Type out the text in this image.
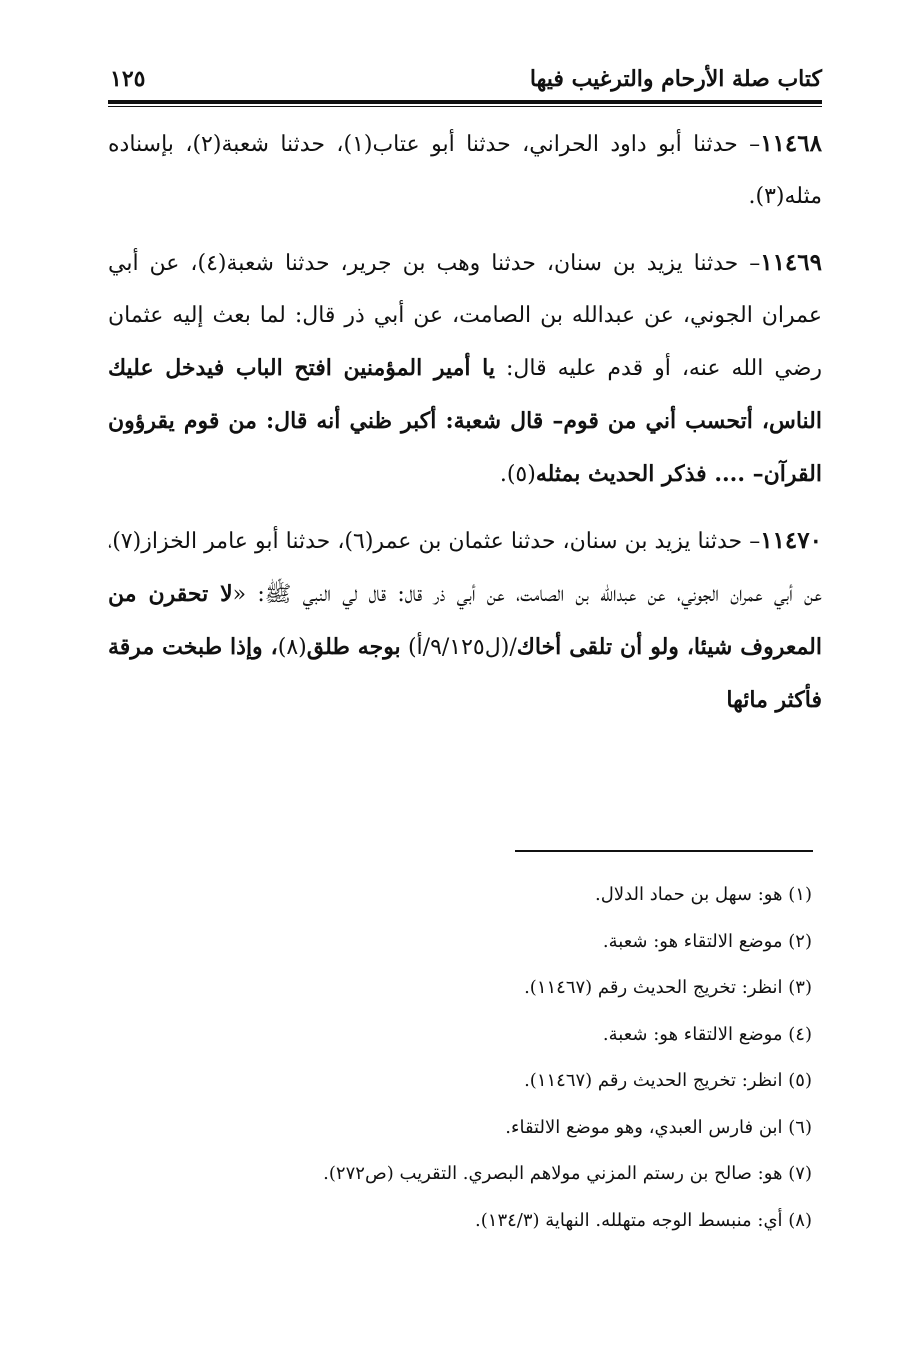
كتاب صلة الأرحام والترغيب فيها
١٢٥

١١٤٦٨– حدثنا أبو داود الحراني، حدثنا أبو عتاب(١)، حدثنا شعبة(٢)، بإسناده مثله(٣).

١١٤٦٩– حدثنا يزيد بن سنان، حدثنا وهب بن جرير، حدثنا شعبة(٤)، عن أبي عمران الجوني، عن عبدالله بن الصامت، عن أبي ذر قال: لما بعث إليه عثمان رضي الله عنه، أو قدم عليه قال: يا أمير المؤمنين افتح الباب فيدخل عليك الناس، أتحسب أني من قوم– قال شعبة: أكبر ظني أنه قال: من قوم يقرؤون القرآن– .... فذكر الحديث بمثله(٥).

١١٤٧٠– حدثنا يزيد بن سنان، حدثنا عثمان بن عمر(٦)، حدثنا أبو عامر الخزاز(٧)، عن أبي عمران الجوني، عن عبدالله بن الصامت، عن أبي ذر قال: قال لي النبي ﷺ: «لا تحقرن من المعروف شيئا، ولو أن تلقى أخاك/(ل٩/١٢٥/أ) بوجه طلق(٨)، وإذا طبخت مرقة فأكثر مائها

(١) هو: سهل بن حماد الدلال.
(٢) موضع الالتقاء هو: شعبة.
(٣) انظر: تخريج الحديث رقم (١١٤٦٧).
(٤) موضع الالتقاء هو: شعبة.
(٥) انظر: تخريج الحديث رقم (١١٤٦٧).
(٦) ابن فارس العبدي، وهو موضع الالتقاء.
(٧) هو: صالح بن رستم المزني مولاهم البصري. التقريب (ص٢٧٢).
(٨) أي: منبسط الوجه متهلله. النهاية (١٣٤/٣).
